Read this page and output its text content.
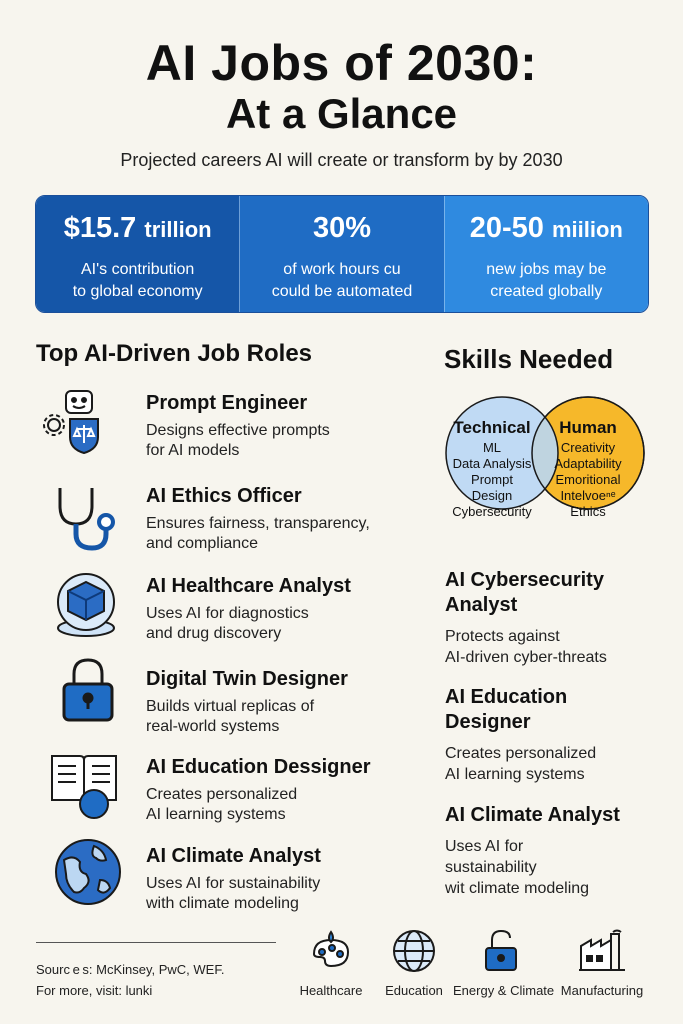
AI Jobs of 2030:
At a Glance
Projected careers AI will create or transform by by 2030
$15.7 trillion
AI's contribution
to global economy
30%
of work hours cu
could be automated
20-50 miilion
new jobs may be
created globally
Top AI-Driven Job Roles	Skills Needed
Prompt Engineer
Designs effective prompts
for AI models
AI Ethics Officer
Ensures fairness, transparency,
and compliance
AI Healthcare Analyst
Uses AI for diagnostics
and drug discovery
Digital Twin Designer
Builds virtual replicas of
real-world systems
AI Education Dessigner
Creates personalized
AI learning systems
AI Climate Analyst
Uses AI for sustainability
with climate modeling
Technical
ML
Data Analysis
Prompt
Design
Cybersecurity
Human
Creativity
Adaptability
Emoritional
Intelvoeⁿᵉ
Ethics
AI Cybersecurity
Analyst
Protects against
AI-driven cyber-threats
AI Education
Designer
Creates personalized
AI learning systems
AI Climate Analyst
Uses AI for
sustainability
wit climate modeling
Sourc e s: McKinsey, PwC, WEF.
For more, visit: lunki	Healthcare	Education Energy & Climate Manufacturing
